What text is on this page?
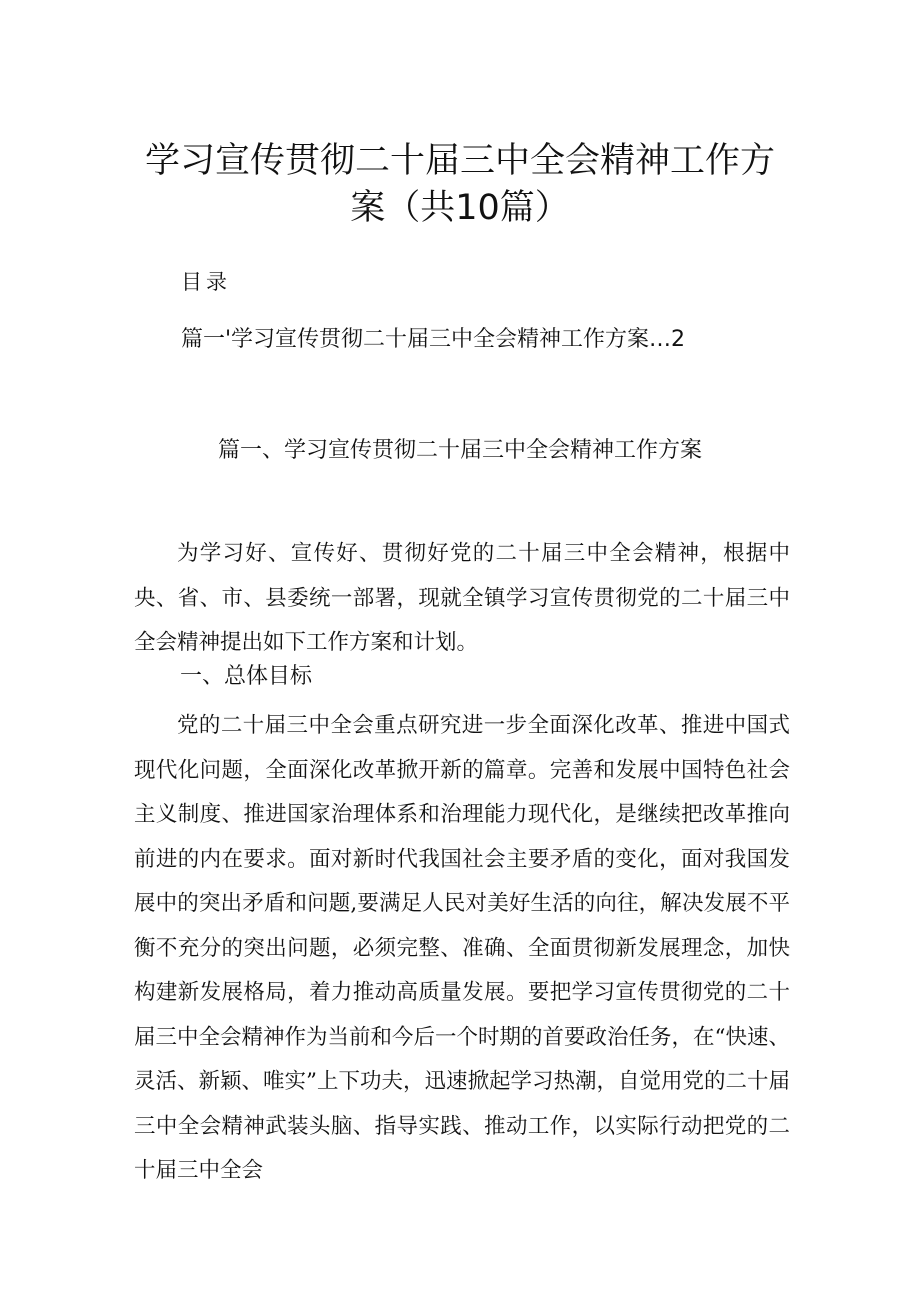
学习宣传贯彻二十届三中全会精神工作方
案（共10篇）
目录
篇一'学习宣传贯彻二十届三中全会精神工作方案…2
篇一、学习宣传贯彻二十届三中全会精神工作方案

为学习好、宣传好、贯彻好党的二十届三中全会精神，根据中央、省、市、县委统一部署，现就全镇学习宣传贯彻党的二十届三中全会精神提出如下工作方案和计划。

一、总体目标

党的二十届三中全会重点研究进一步全面深化改革、推进中国式现代化问题，全面深化改革掀开新的篇章。完善和发展中国特色社会主义制度、推进国家治理体系和治理能力现代化，是继续把改革推向前进的内在要求。面对新时代我国社会主要矛盾的变化，面对我国发展中的突出矛盾和问题,要满足人民对美好生活的向往，解决发展不平衡不充分的突出问题，必须完整、准确、全面贯彻新发展理念，加快构建新发展格局，着力推动高质量发展。要把学习宣传贯彻党的二十届三中全会精神作为当前和今后一个时期的首要政治任务，在“快速、灵活、新颖、唯实”上下功夫，迅速掀起学习热潮，自觉用党的二十届三中全会精神武装头脑、指导实践、推动工作，以实际行动把党的二十届三中全会
